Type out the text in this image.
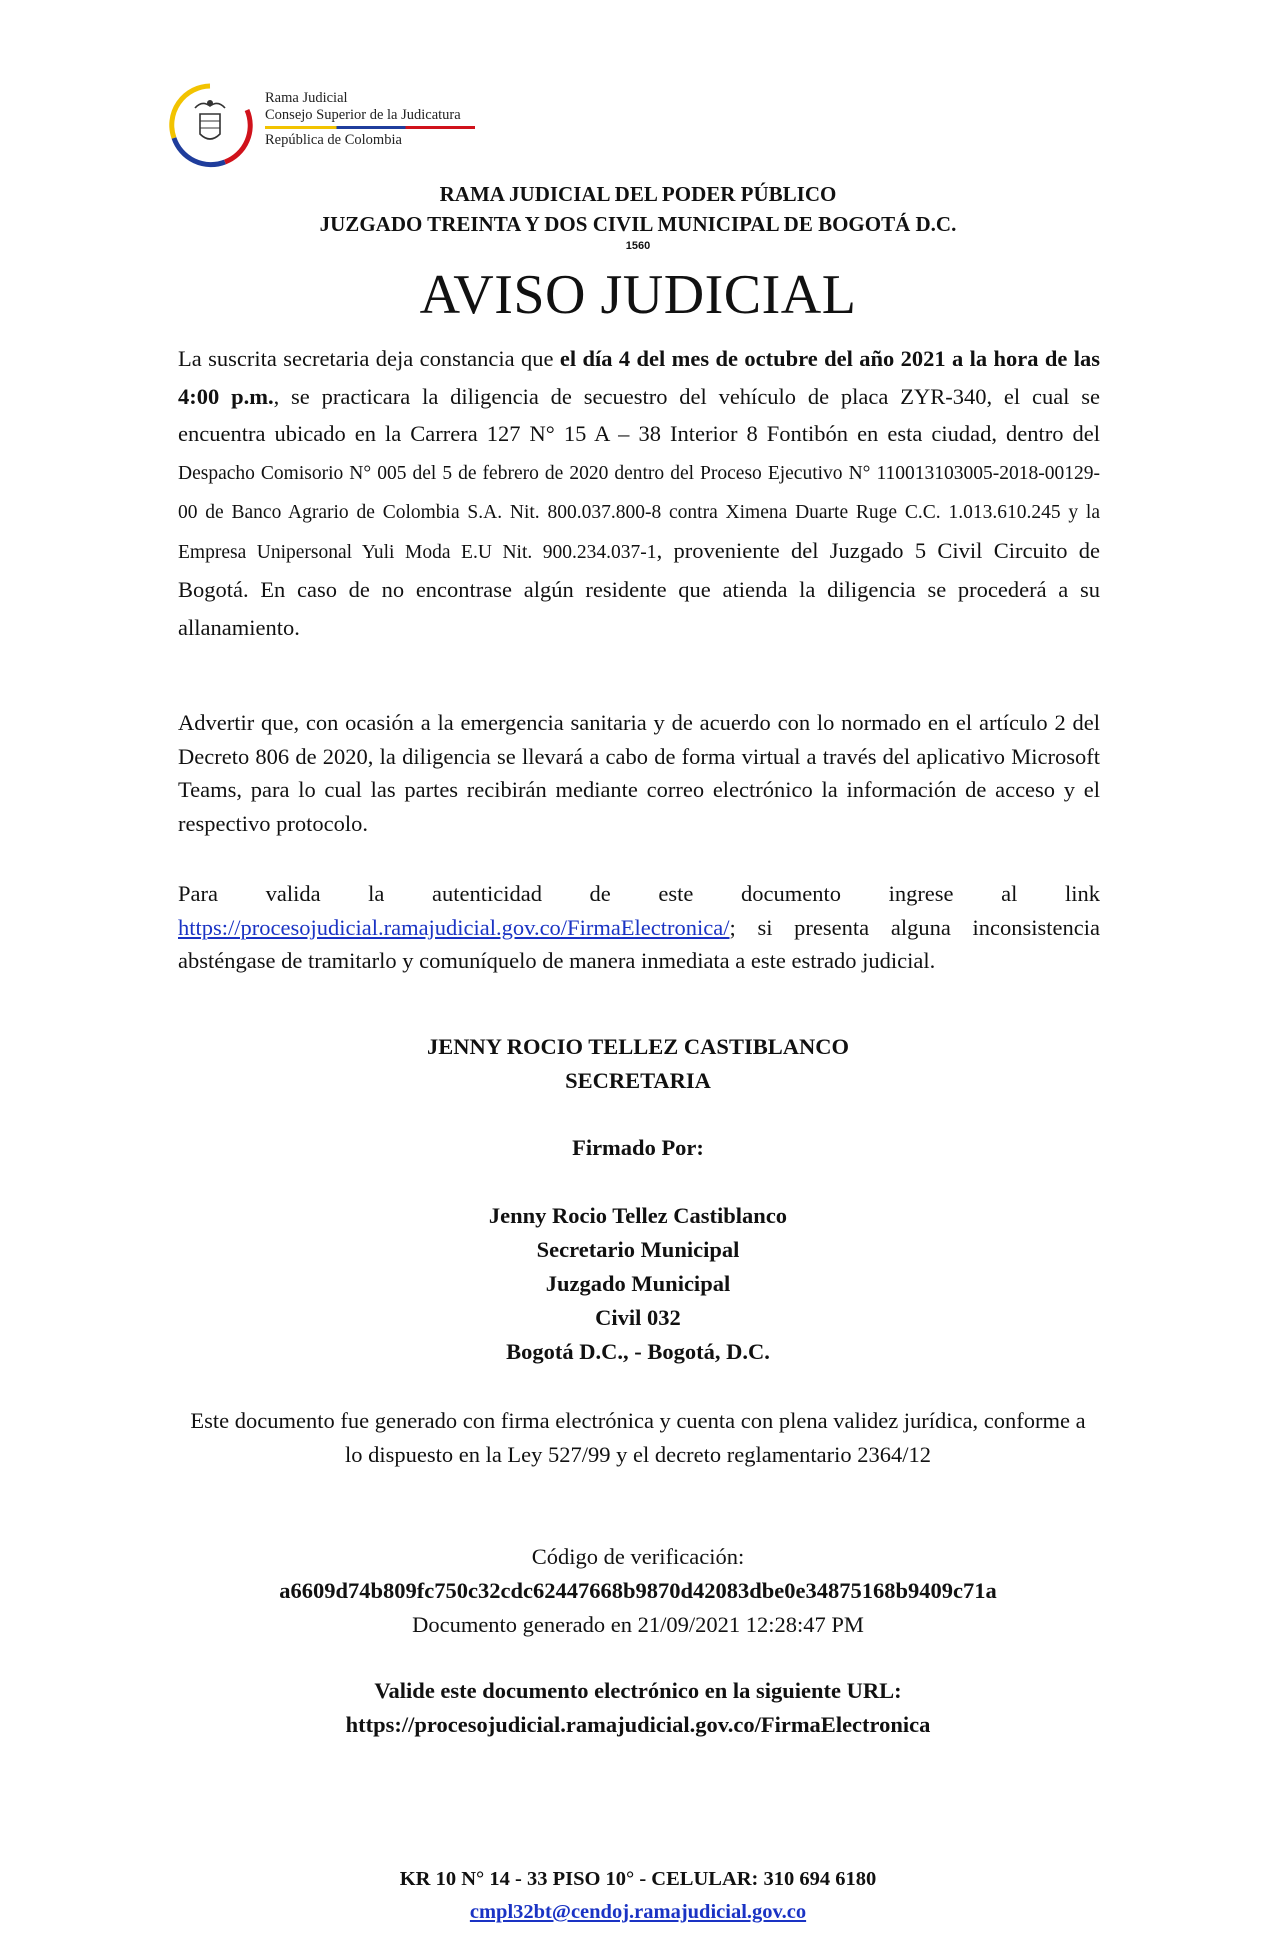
Rama Judicial
Consejo Superior de la Judicatura
República de Colombia
RAMA JUDICIAL DEL PODER PÚBLICO
JUZGADO TREINTA Y DOS CIVIL MUNICIPAL DE BOGOTÁ D.C.
1560
AVISO JUDICIAL
La suscrita secretaria deja constancia que el día 4 del mes de octubre del año 2021 a la hora de las 4:00 p.m., se practicara la diligencia de secuestro del vehículo de placa ZYR-340, el cual se encuentra ubicado en la Carrera 127 N° 15 A – 38 Interior 8 Fontibón en esta ciudad, dentro del Despacho Comisorio N° 005 del 5 de febrero de 2020 dentro del Proceso Ejecutivo N° 110013103005-2018-00129-00 de Banco Agrario de Colombia S.A. Nit. 800.037.800-8 contra Ximena Duarte Ruge C.C. 1.013.610.245 y la Empresa Unipersonal Yuli Moda E.U Nit. 900.234.037-1, proveniente del Juzgado 5 Civil Circuito de Bogotá. En caso de no encontrase algún residente que atienda la diligencia se procederá a su allanamiento.
Advertir que, con ocasión a la emergencia sanitaria y de acuerdo con lo normado en el artículo 2 del Decreto 806 de 2020, la diligencia se llevará a cabo de forma virtual a través del aplicativo Microsoft Teams, para lo cual las partes recibirán mediante correo electrónico la información de acceso y el respectivo protocolo.
Para valida la autenticidad de este documento ingrese al link https://procesojudicial.ramajudicial.gov.co/FirmaElectronica/; si presenta alguna inconsistencia absténgase de tramitarlo y comuníquelo de manera inmediata a este estrado judicial.
JENNY ROCIO TELLEZ CASTIBLANCO
SECRETARIA
Firmado Por:
Jenny Rocio Tellez Castiblanco
Secretario Municipal
Juzgado Municipal
Civil 032
Bogotá D.C., - Bogotá, D.C.
Este documento fue generado con firma electrónica y cuenta con plena validez jurídica, conforme a lo dispuesto en la Ley 527/99 y el decreto reglamentario 2364/12
Código de verificación:
a6609d74b809fc750c32cdc62447668b9870d42083dbe0e34875168b9409c71a
Documento generado en 21/09/2021 12:28:47 PM
Valide este documento electrónico en la siguiente URL:
https://procesojudicial.ramajudicial.gov.co/FirmaElectronica
KR 10 N° 14 - 33 PISO 10° - CELULAR: 310 694 6180
cmpl32bt@cendoj.ramajudicial.gov.co
